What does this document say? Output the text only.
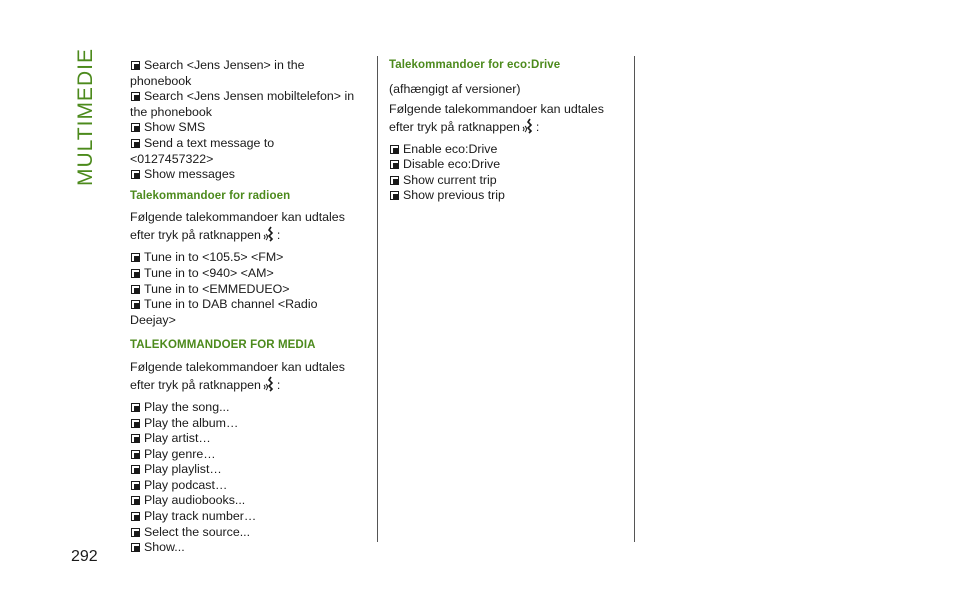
MULTIMEDIE
292
Search <Jens Jensen> in the
phonebook
Search <Jens Jensen mobiltelefon> in
the phonebook
Show SMS
Send a text message to
<0127457322>
Show messages
Talekommandoer for radioen
Følgende talekommandoer kan udtales
efter tryk på ratknappen :
Tune in to <105.5> <FM>
Tune in to <940> <AM>
Tune in to <EMMEDUEO>
Tune in to DAB channel <Radio
Deejay>
TALEKOMMANDOER FOR MEDIA
Følgende talekommandoer kan udtales
efter tryk på ratknappen :
Play the song...
Play the album…
Play artist…
Play genre…
Play playlist…
Play podcast…
Play audiobooks...
Play track number…
Select the source...
Show...
Talekommandoer for eco:Drive
(afhængigt af versioner)
Følgende talekommandoer kan udtales
efter tryk på ratknappen :
Enable eco:Drive
Disable eco:Drive
Show current trip
Show previous trip
